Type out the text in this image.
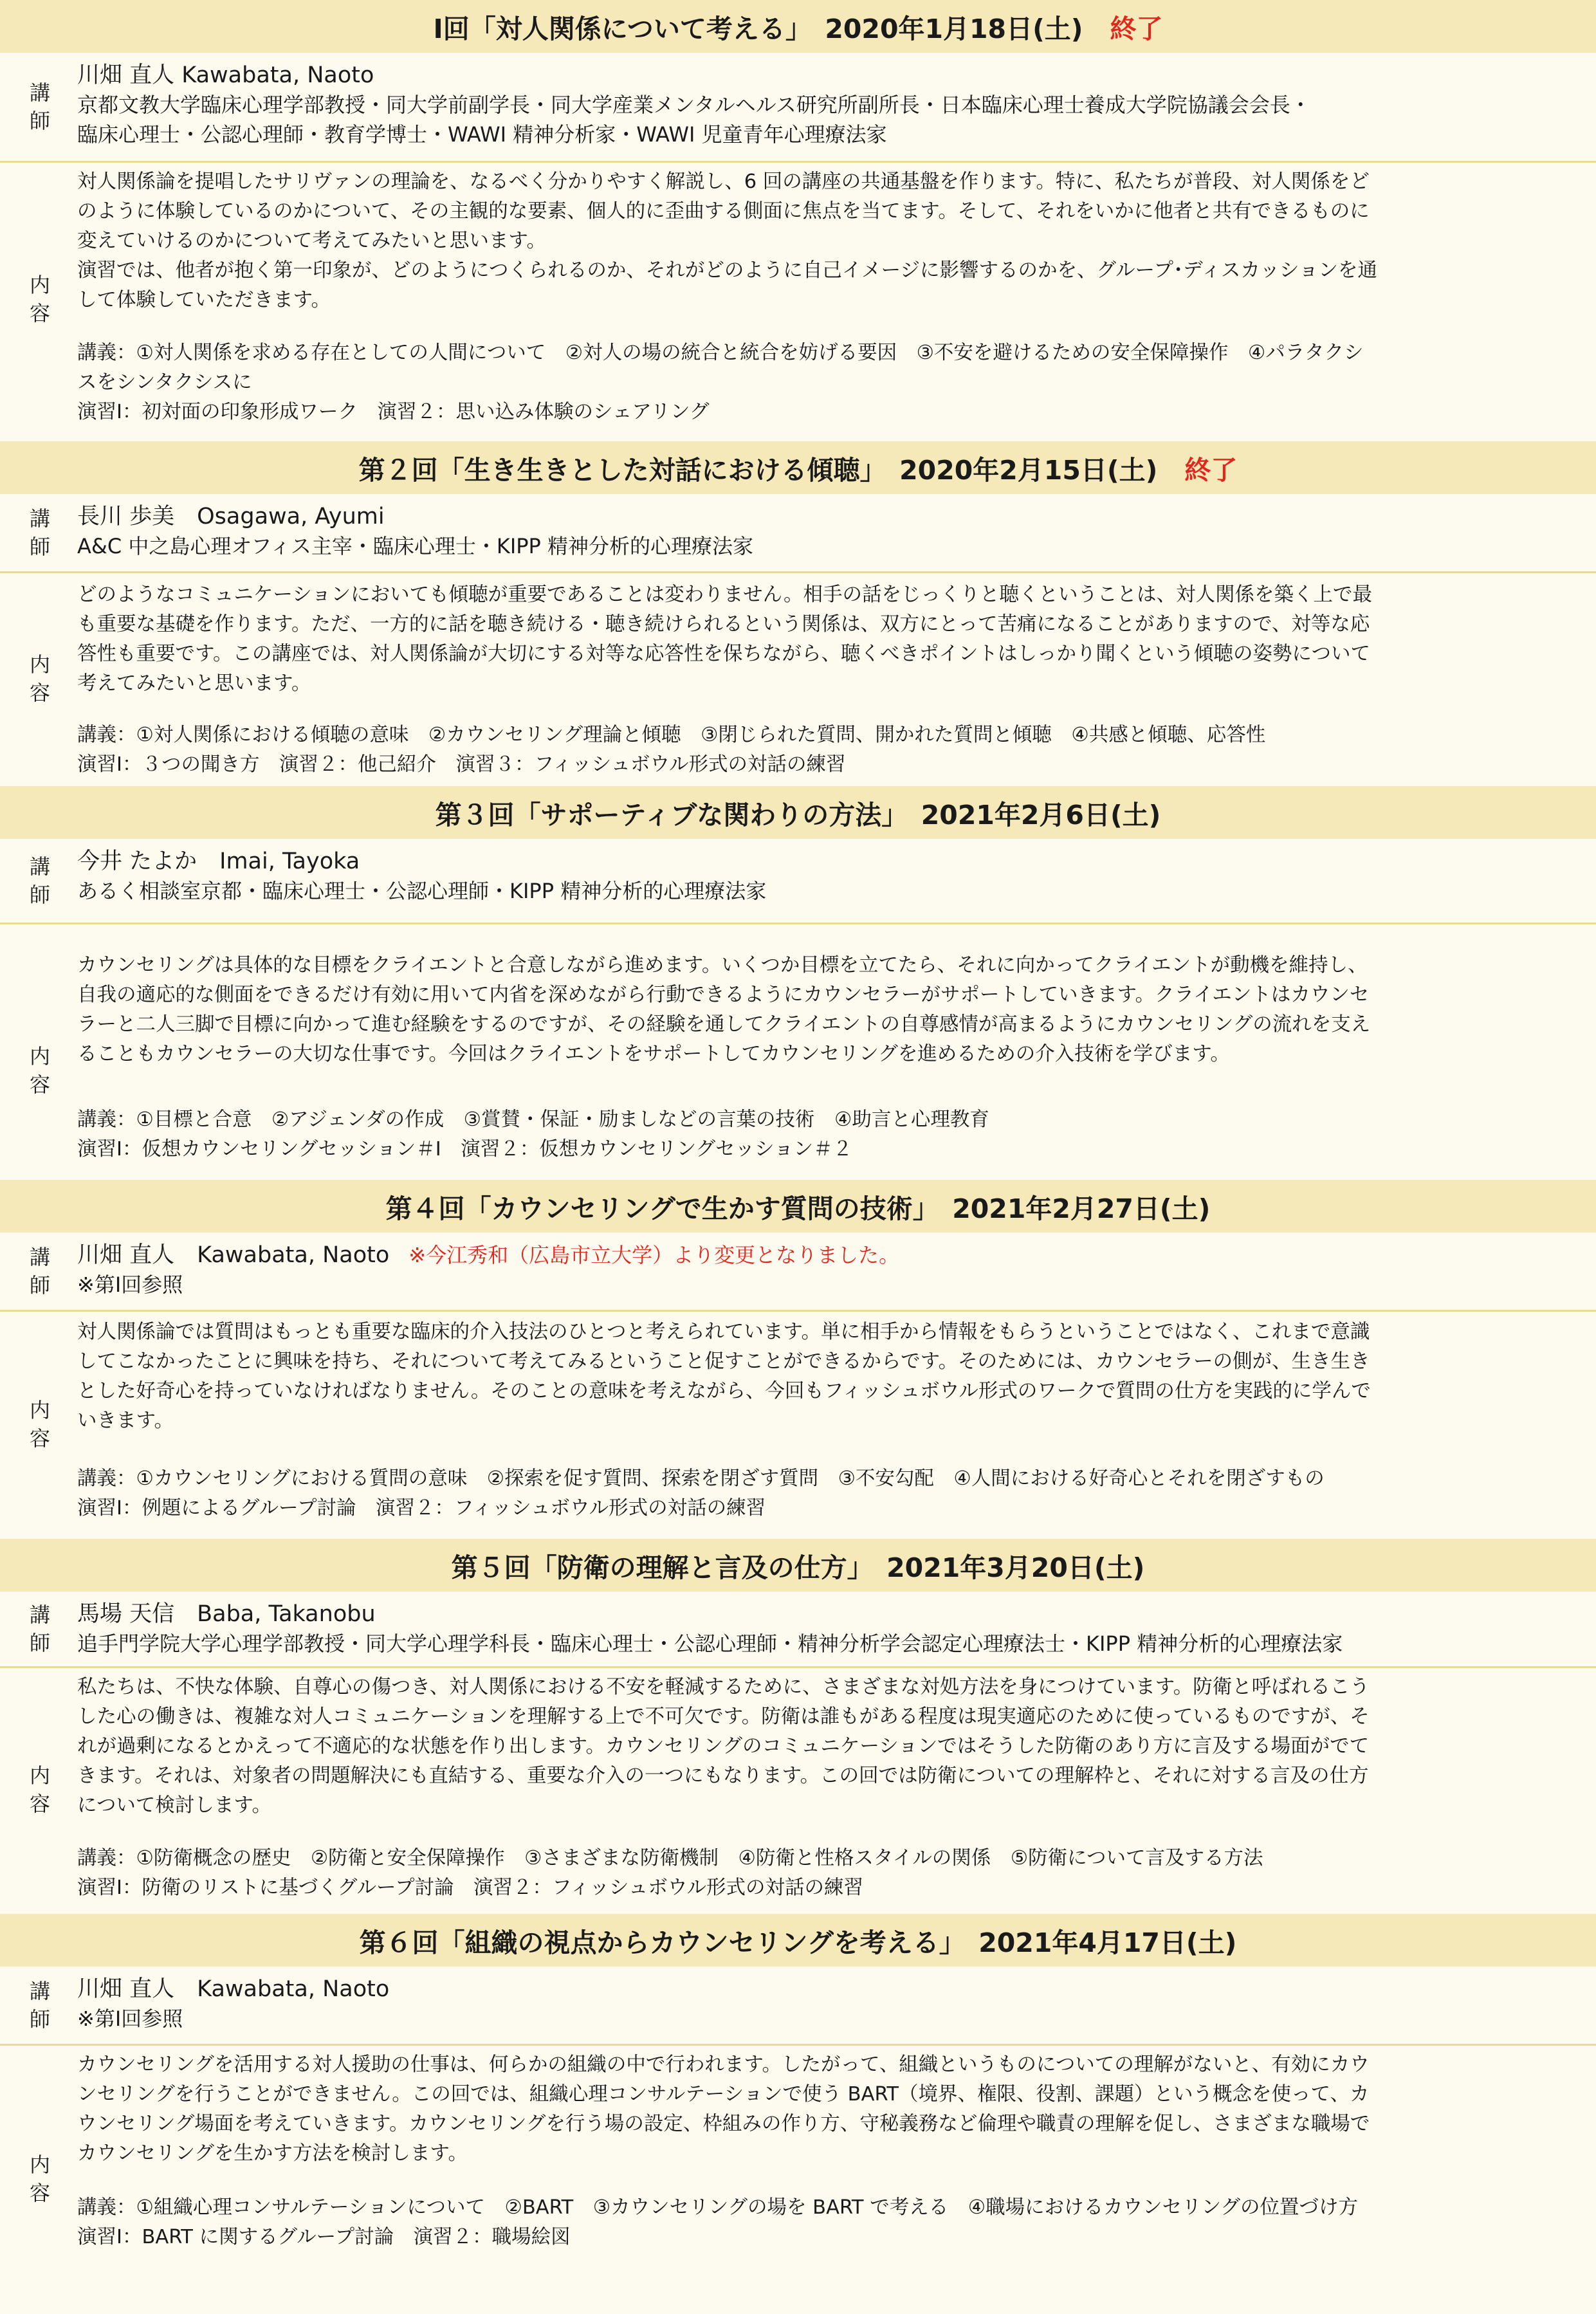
Ⅰ回「対人関係について考える」　2020年1月18日(土) 終了
講
師
川畑 直人 Kawabata, Naoto
京都文教大学臨床心理学部教授・同大学前副学長・同大学産業メンタルヘルス研究所副所長・日本臨床心理士養成大学院協議会会長・
臨床心理士・公認心理師・教育学博士・WAWI 精神分析家・WAWI 児童青年心理療法家
内
容
対人関係論を提唱したサリヴァンの理論を、なるべく分かりやすく解説し、6 回の講座の共通基盤を作ります。特に、私たちが普段、対人関係をど
のように体験しているのかについて、その主観的な要素、個人的に歪曲する側面に焦点を当てます。そして、それをいかに他者と共有できるものに
変えていけるのかについて考えてみたいと思います。
演習では、他者が抱く第一印象が、どのようにつくられるのか、それがどのように自己イメージに影響するのかを、グループ･ディスカッションを通
して体験していただきます。
講義：①対人関係を求める存在としての人間について　②対人の場の統合と統合を妨げる要因　③不安を避けるための安全保障操作　④パラタクシ
スをシンタクシスに
演習Ⅰ：初対面の印象形成ワーク　演習２：思い込み体験のシェアリング
第２回「生き生きとした対話における傾聴」　2020年2月15日(土) 終了
講
師
長川 歩美　Osagawa, Ayumi
A&C 中之島心理オフィス主宰・臨床心理士・KIPP 精神分析的心理療法家
内
容
どのようなコミュニケーションにおいても傾聴が重要であることは変わりません。相手の話をじっくりと聴くということは、対人関係を築く上で最
も重要な基礎を作ります。ただ、一方的に話を聴き続ける・聴き続けられるという関係は、双方にとって苦痛になることがありますので、対等な応
答性も重要です。この講座では、対人関係論が大切にする対等な応答性を保ちながら、聴くべきポイントはしっかり聞くという傾聴の姿勢について
考えてみたいと思います。
講義：①対人関係における傾聴の意味　②カウンセリング理論と傾聴　③閉じられた質問、開かれた質問と傾聴　④共感と傾聴、応答性
演習Ⅰ：３つの聞き方　演習２：他己紹介　演習３：フィッシュボウル形式の対話の練習
第３回「サポーティブな関わりの方法」　2021年2月6日(土)
講
師
今井 たよか　Imai, Tayoka
あるく相談室京都・臨床心理士・公認心理師・KIPP 精神分析的心理療法家
内
容
カウンセリングは具体的な目標をクライエントと合意しながら進めます。いくつか目標を立てたら、それに向かってクライエントが動機を維持し、
自我の適応的な側面をできるだけ有効に用いて内省を深めながら行動できるようにカウンセラーがサポートしていきます。クライエントはカウンセ
ラーと二人三脚で目標に向かって進む経験をするのですが、その経験を通してクライエントの自尊感情が高まるようにカウンセリングの流れを支え
ることもカウンセラーの大切な仕事です。今回はクライエントをサポートしてカウンセリングを進めるための介入技術を学びます。
講義：①目標と合意　②アジェンダの作成　③賞賛・保証・励ましなどの言葉の技術　④助言と心理教育
演習Ⅰ：仮想カウンセリングセッション＃Ⅰ　演習２：仮想カウンセリングセッション＃２
第４回「カウンセリングで生かす質問の技術」　2021年2月27日(土)
講
師
川畑 直人　Kawabata, Naoto ※今江秀和（広島市立大学）より変更となりました。
※第Ⅰ回参照
内
容
対人関係論では質問はもっとも重要な臨床的介入技法のひとつと考えられています。単に相手から情報をもらうということではなく、これまで意識
してこなかったことに興味を持ち、それについて考えてみるということ促すことができるからです。そのためには、カウンセラーの側が、生き生き
とした好奇心を持っていなければなりません。そのことの意味を考えながら、今回もフィッシュボウル形式のワークで質問の仕方を実践的に学んで
いきます。
講義：①カウンセリングにおける質問の意味　②探索を促す質問、探索を閉ざす質問　③不安勾配　④人間における好奇心とそれを閉ざすもの
演習Ⅰ：例題によるグループ討論　演習２：フィッシュボウル形式の対話の練習
第５回「防衛の理解と言及の仕方」　2021年3月20日(土)
講
師
馬場 天信　Baba, Takanobu
追手門学院大学心理学部教授・同大学心理学科長・臨床心理士・公認心理師・精神分析学会認定心理療法士・KIPP 精神分析的心理療法家
内
容
私たちは、不快な体験、自尊心の傷つき、対人関係における不安を軽減するために、さまざまな対処方法を身につけています。防衛と呼ばれるこう
した心の働きは、複雑な対人コミュニケーションを理解する上で不可欠です。防衛は誰もがある程度は現実適応のために使っているものですが、そ
れが過剰になるとかえって不適応的な状態を作り出します。カウンセリングのコミュニケーションではそうした防衛のあり方に言及する場面がでて
きます。それは、対象者の問題解決にも直結する、重要な介入の一つにもなります。この回では防衛についての理解枠と、それに対する言及の仕方
について検討します。
講義：①防衛概念の歴史　②防衛と安全保障操作　③さまざまな防衛機制　④防衛と性格スタイルの関係　⑤防衛について言及する方法
演習Ⅰ：防衛のリストに基づくグループ討論　演習２：フィッシュボウル形式の対話の練習
第６回「組織の視点からカウンセリングを考える」　2021年4月17日(土)
講
師
川畑 直人　Kawabata, Naoto
※第Ⅰ回参照
内
容
カウンセリングを活用する対人援助の仕事は、何らかの組織の中で行われます。したがって、組織というものについての理解がないと、有効にカウ
ンセリングを行うことができません。この回では、組織心理コンサルテーションで使う BART（境界、権限、役割、課題）という概念を使って、カ
ウンセリング場面を考えていきます。カウンセリングを行う場の設定、枠組みの作り方、守秘義務など倫理や職責の理解を促し、さまざまな職場で
カウンセリングを生かす方法を検討します。
講義：①組織心理コンサルテーションについて　②BART　③カウンセリングの場を BART で考える　④職場におけるカウンセリングの位置づけ方
演習Ⅰ：BART に関するグループ討論　演習２：職場絵図
